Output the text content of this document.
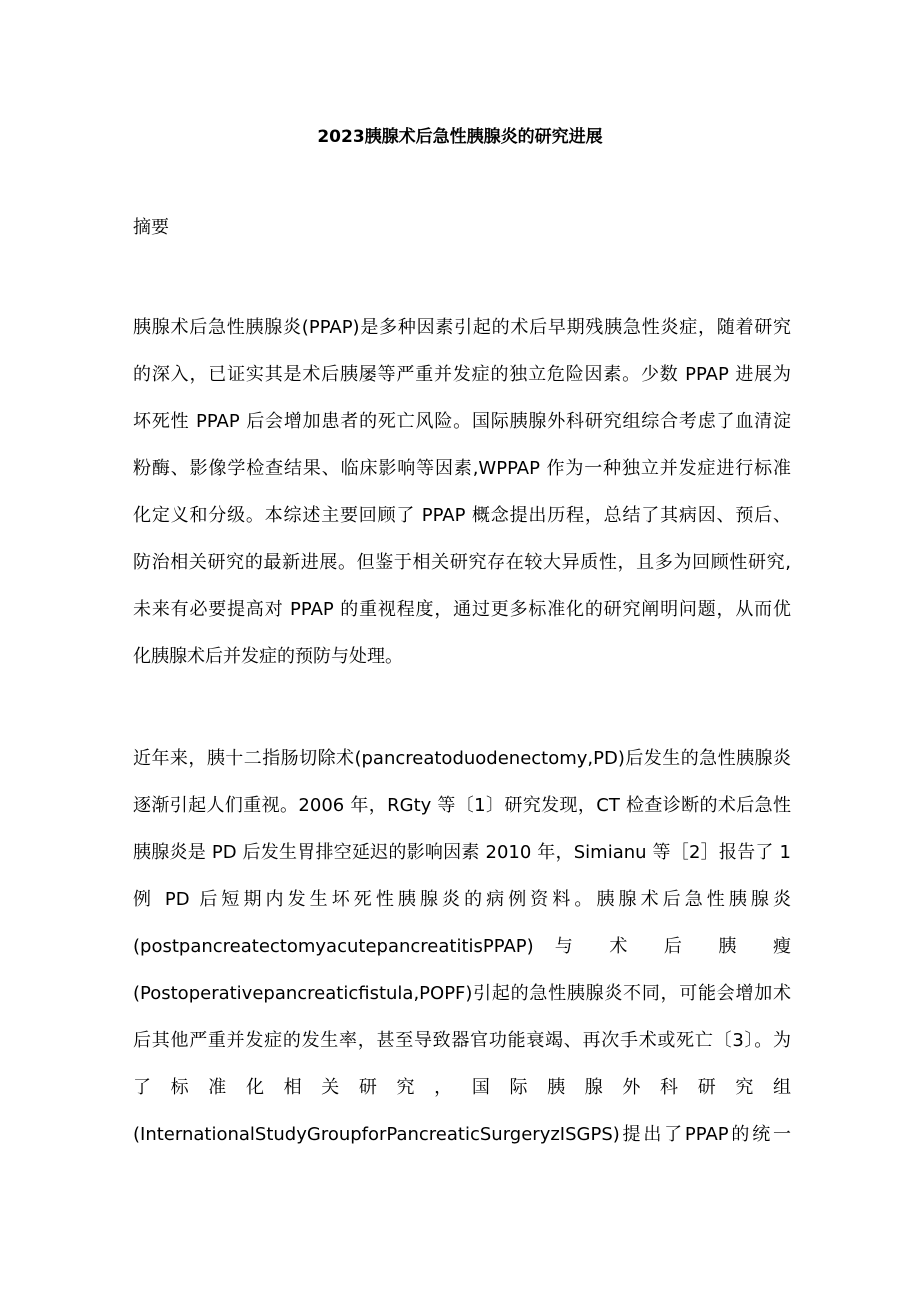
2023胰腺术后急性胰腺炎的研究进展
摘要
胰腺术后急性胰腺炎(PPAP)是多种因素引起的术后早期残胰急性炎症，随着研究
的深入，已证实其是术后胰屡等严重并发症的独立危险因素。少数 PPAP 进展为
坏死性 PPAP 后会增加患者的死亡风险。国际胰腺外科研究组综合考虑了血清淀
粉酶、影像学检查结果、临床影响等因素,WPPAP 作为一种独立并发症进行标准
化定义和分级。本综述主要回顾了 PPAP 概念提出历程，总结了其病因、预后、
防治相关研究的最新进展。但鉴于相关研究存在较大异质性，且多为回顾性研究,
未来有必要提高对 PPAP 的重视程度，通过更多标准化的研究阐明问题，从而优
化胰腺术后并发症的预防与处理。
近年来，胰十二指肠切除术(pancreatoduodenectomy,PD)后发生的急性胰腺炎
逐渐引起人们重视。2006 年，RGty 等〔1〕研究发现，CT 检查诊断的术后急性
胰腺炎是 PD 后发生胃排空延迟的影响因素 2010 年，Simianu 等［2］报告了 1
例 PD 后短期内发生坏死性胰腺炎的病例资料。胰腺术后急性胰腺炎
(postpancreatectomyacutepancreatitisPPAP) 与 术 后 胰 瘦
(Postoperativepancreaticfistula,POPF)引起的急性胰腺炎不同，可能会增加术
后其他严重并发症的发生率，甚至导致器官功能衰竭、再次手术或死亡〔3〕。为
了 标 准 化 相 关 研 究 ， 国 际 胰 腺 外 科 研 究 组
(InternationalStudyGroupforPancreaticSurgeryzISGPS)提出了PPAP的统一
